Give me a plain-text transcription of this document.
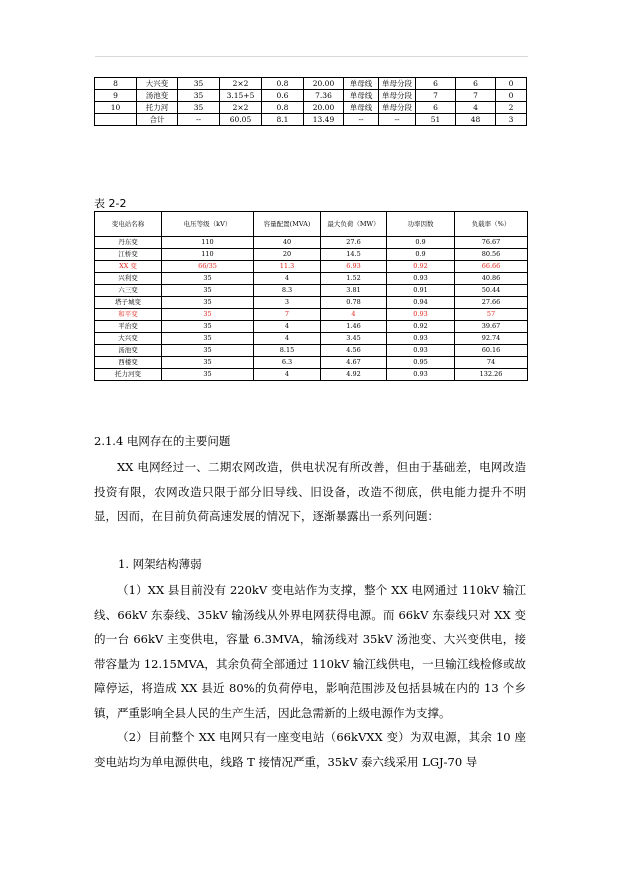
8	大兴变	35	2×2	0.8	20.00	单母线	单母分段	6	6	0
9	汤池变	35	3.15+5	0.6	7.36	单母线	单母分段	7	7	0
10	托力河	35	2×2	0.8	20.00	单母线	单母分段	6	4	2
	合计	--	60.05	8.1	13.49	--	--	51	48	3
表 2-2
变电站名称	电压等级（kV）	容量配置(MVA)	最大负荷（MW）	功率因数	负载率（%）
丹东变	110	40	27.6	0.9	76.67
江桥变	110	20	14.5	0.9	80.56
XX 变	66/35	11.3	6.93	0.92	66.66
兴利变	35	4	1.52	0.93	40.86
六三变	35	8.3	3.81	0.91	50.44
塔子城变	35	3	0.78	0.94	27.66
和平变	35	7	4	0.93	57
平治变	35	4	1.46	0.92	39.67
大兴变	35	4	3.45	0.93	92.74
汤池变	35	8.15	4.56	0.93	60.16
西楼变	35	6.3	4.67	0.95	74
托力河变	35	4	4.92	0.93	132.26
2.1.4 电网存在的主要问题

XX 电网经过一、二期农网改造，供电状况有所改善，但由于基础差，电网改造投资有限，农网改造只限于部分旧导线、旧设备，改造不彻底，供电能力提升不明显，因而，在目前负荷高速发展的情况下，逐渐暴露出一系列问题：

1. 网架结构薄弱

（1）XX 县目前没有 220kV 变电站作为支撑，整个 XX 电网通过 110kV 输江线、66kV 东泰线、35kV 输汤线从外界电网获得电源。而 66kV 东泰线只对 XX 变的一台 66kV 主变供电，容量 6.3MVA，输汤线对 35kV 汤池变、大兴变供电，接带容量为 12.15MVA，其余负荷全部通过 110kV 输江线供电，一旦输江线检修或故障停运，将造成 XX 县近 80%的负荷停电，影响范围涉及包括县城在内的 13 个乡镇，严重影响全县人民的生产生活，因此急需新的上级电源作为支撑。

（2）目前整个 XX 电网只有一座变电站（66kVXX 变）为双电源，其余 10 座变电站均为单电源供电，线路 T 接情况严重，35kV 泰六线采用 LGJ-70 导
